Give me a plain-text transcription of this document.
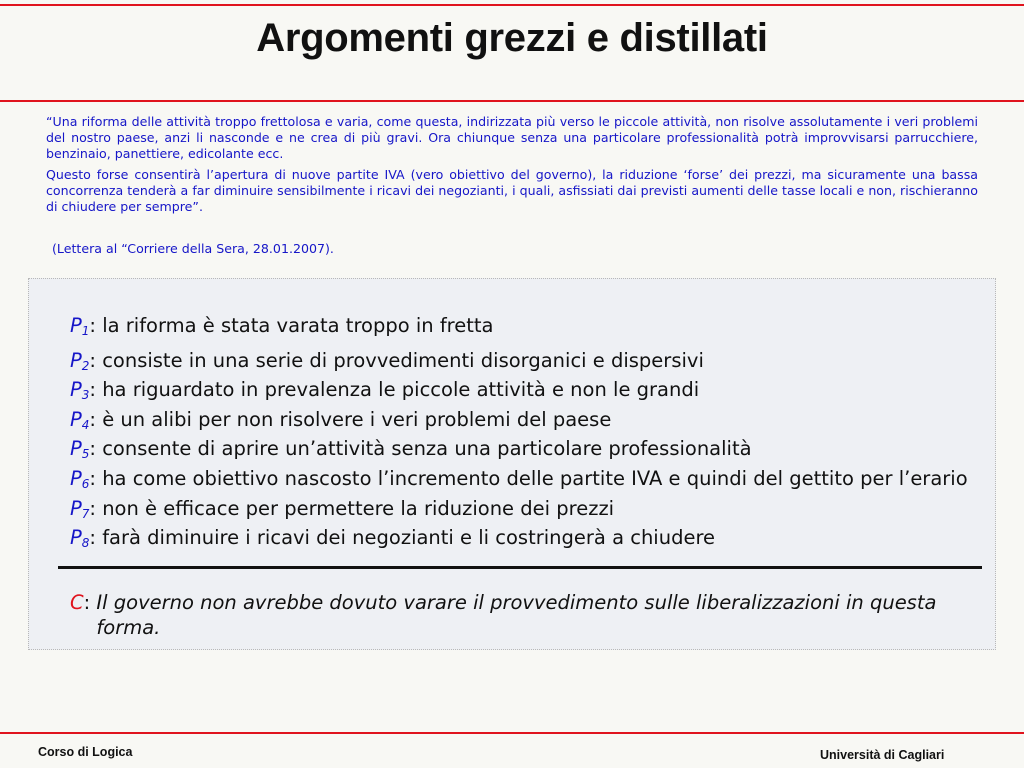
Argomenti grezzi e distillati
“Una riforma delle attività troppo frettolosa e varia, come questa, indirizzata più verso le piccole attività, non risolve assolutamente i veri problemi del nostro paese, anzi li nasconde e ne crea di più gravi. Ora chiunque senza una particolare professionalità potrà improvvisarsi parrucchiere, benzinaio, panettiere, edicolante ecc.
Questo forse consentirà l’apertura di nuove partite IVA (vero obiettivo del governo), la riduzione ‘forse’ dei prezzi, ma sicuramente una bassa concorrenza tenderà a far diminuire sensibilmente i ricavi dei negozianti, i quali, asfissiati dai previsti aumenti delle tasse locali e non, rischieranno di chiudere per sempre”.
(Lettera al “Corriere della Sera, 28.01.2007).
$P_1$ : la riforma è stata varata troppo in fretta
$P_2$ : consiste in una serie di provvedimenti disorganici e dispersivi
$P_3$ : ha riguardato in prevalenza le piccole attività e non le grandi
$P_4$ : è un alibi per non risolvere i veri problemi del paese
$P_5$ : consente di aprire un’attività senza una particolare professionalità
$P_6$ : ha come obiettivo nascosto l’incremento delle partite IVA e quindi del gettito per l’erario
$P_7$ : non è efficace per permettere la riduzione dei prezzi
$P_8$ : farà diminuire i ricavi dei negozianti e li costringerà a chiudere
C : Il governo non avrebbe dovuto varare il provvedimento sulle liberalizzazioni in questa forma.
Corso di Logica	Università di Cagliari
